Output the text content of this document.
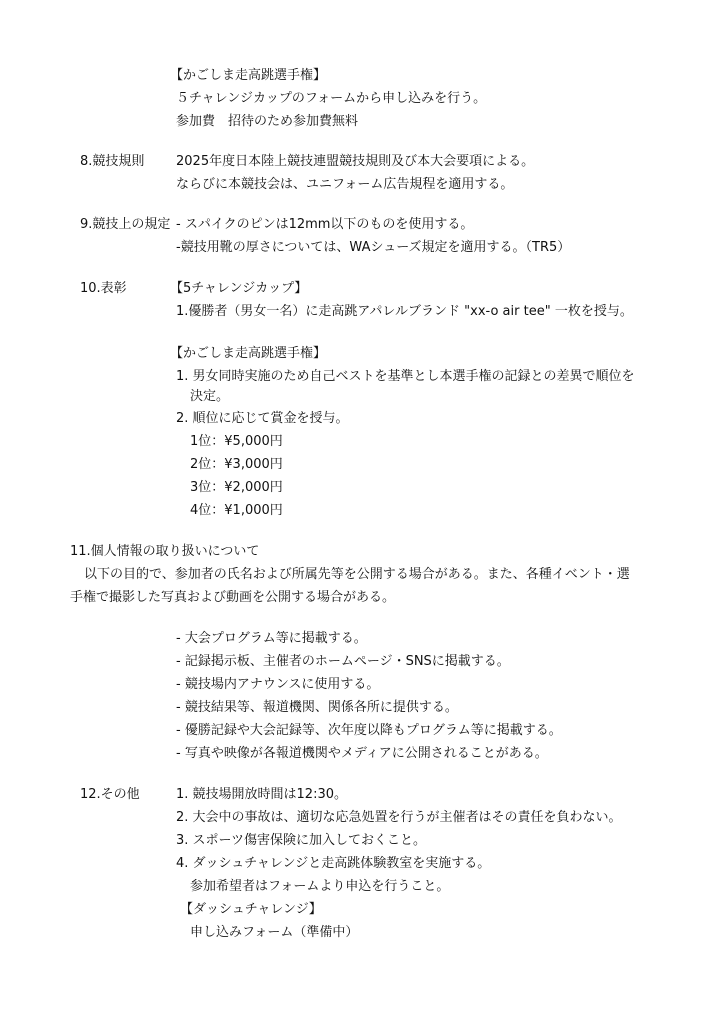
【かごしま走高跳選手権】
５チャレンジカップのフォームから申し込みを行う。
参加費　招待のため参加費無料
8.競技規則 2025年度日本陸上競技連盟競技規則及び本大会要項による。
ならびに本競技会は、ユニフォーム広告規程を適用する。
9.競技上の規定 - スパイクのピンは12mm以下のものを使用する。
-競技用靴の厚さについては、WAシューズ規定を適用する。（TR5）
10.表彰	【5チャレンジカップ】
1.優勝者（男女一名）に走高跳アパレルブランド "xx-o air tee" 一枚を授与。
【かごしま走高跳選手権】
1. 男女同時実施のため自己ベストを基準とし本選手権の記録との差異で順位を
決定。
2. 順位に応じて賞金を授与。
1位：¥5,000円
2位：¥3,000円
3位：¥2,000円
4位：¥1,000円
11.個人情報の取り扱いについて
以下の目的で、参加者の氏名および所属先等を公開する場合がある。また、各種イベント・選
手権で撮影した写真および動画を公開する場合がある。
- 大会プログラム等に掲載する。
- 記録掲示板、主催者のホームページ・SNSに掲載する。
- 競技場内アナウンスに使用する。
- 競技結果等、報道機関、関係各所に提供する。
- 優勝記録や大会記録等、次年度以降もプログラム等に掲載する。
- 写真や映像が各報道機関やメディアに公開されることがある。
12.その他	1. 競技場開放時間は12:30。
2. 大会中の事故は、適切な応急処置を行うが主催者はその責任を負わない。
3. スポーツ傷害保険に加入しておくこと。
4. ダッシュチャレンジと走高跳体験教室を実施する。
参加希望者はフォームより申込を行うこと。
【ダッシュチャレンジ】
申し込みフォーム（準備中）
